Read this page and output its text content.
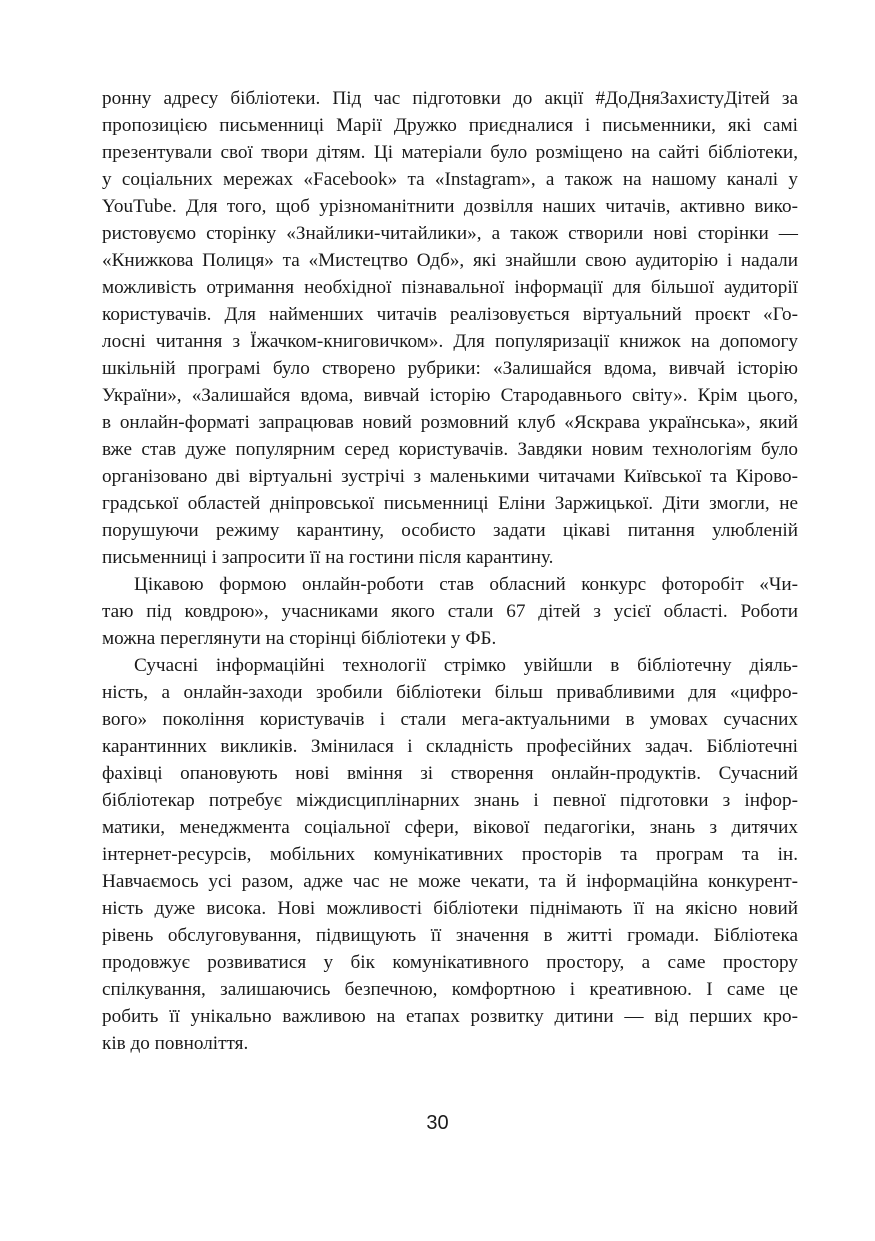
ронну адресу бібліотеки. Під час підготовки до акції #ДоДняЗахистуДітей за
пропозицією письменниці Марії Дружко приєдналися і письменники, які самі
презентували свої твори дітям. Ці матеріали було розміщено на сайті бібліотеки,
у соціальних мережах «Facebook» та «Instagram», а також на нашому каналі у
YouTube. Для того, щоб урізноманітнити дозвілля наших читачів, активно вико-
ристовуємо сторінку «Знайлики-читайлики», а також створили нові сторінки —
«Книжкова Полиця» та «Мистецтво Одб», які знайшли свою аудиторію і надали
можливість отримання необхідної пізнавальної інформації для більшої аудиторії
користувачів. Для найменших читачів реалізовується віртуальний проєкт «Го-
лосні читання з Їжачком-книговичком». Для популяризації книжок на допомогу
шкільній програмі було створено рубрики: «Залишайся вдома, вивчай історію
України», «Залишайся вдома, вивчай історію Стародавнього світу». Крім цього,
в онлайн-форматі запрацював новий розмовний клуб «Яскрава українська», який
вже став дуже популярним серед користувачів. Завдяки новим технологіям було
організовано дві віртуальні зустрічі з маленькими читачами Київської та Кірово-
градської областей дніпровської письменниці Еліни Заржицької. Діти змогли, не
порушуючи режиму карантину, особисто задати цікаві питання улюбленій
письменниці і запросити її на гостини після карантину.
Цікавою формою онлайн-роботи став обласний конкурс фоторобіт «Чи-
таю під ковдрою», учасниками якого стали 67 дітей з усієї області. Роботи
можна переглянути на сторінці бібліотеки у ФБ.
Сучасні інформаційні технології стрімко увійшли в бібліотечну діяль-
ність, а онлайн-заходи зробили бібліотеки більш привабливими для «цифро-
вого» покоління користувачів і стали мега-актуальними в умовах сучасних
карантинних викликів. Змінилася і складність професійних задач. Бібліотечні
фахівці опановують нові вміння зі створення онлайн-продуктів. Сучасний
бібліотекар потребує міждисциплінарних знань і певної підготовки з інфор-
матики, менеджмента соціальної сфери, вікової педагогіки, знань з дитячих
інтернет-ресурсів, мобільних комунікативних просторів та програм та ін.
Навчаємось усі разом, адже час не може чекати, та й інформаційна конкурент-
ність дуже висока. Нові можливості бібліотеки піднімають її на якісно новий
рівень обслуговування, підвищують її значення в житті громади. Бібліотека
продовжує розвиватися у бік комунікативного простору, а саме простору
спілкування, залишаючись безпечною, комфортною і креативною. І саме це
робить її унікально важливою на етапах розвитку дитини — від перших кро-
ків до повноліття.
30
